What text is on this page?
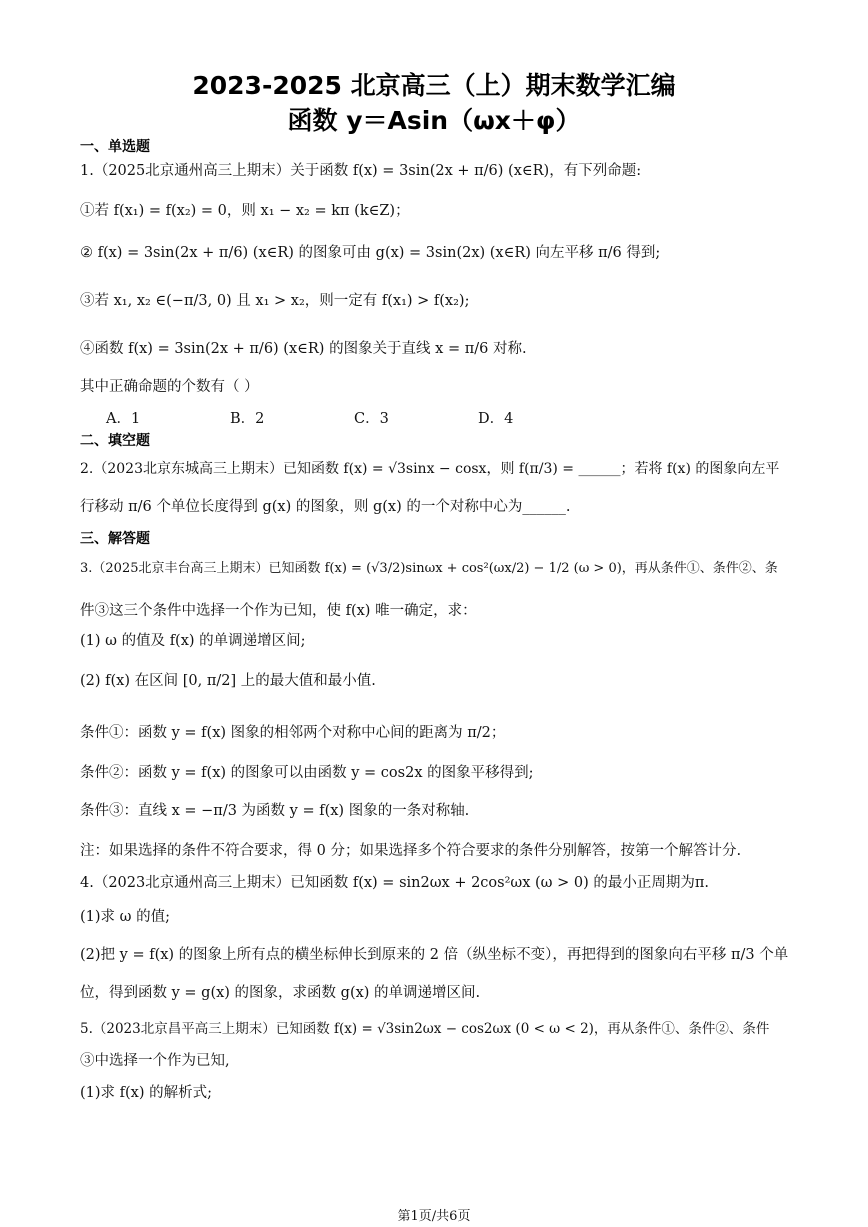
2023-2025 北京高三（上）期末数学汇编
函数 y＝Asin（ωx＋φ）
一、单选题
1.（2025北京通州高三上期末）关于函数 f(x) = 3sin(2x + π/6) (x∈R)，有下列命题:
①若 f(x₁) = f(x₂) = 0，则 x₁ − x₂ = kπ (k∈Z)；
② f(x) = 3sin(2x + π/6) (x∈R) 的图象可由 g(x) = 3sin(2x) (x∈R) 向左平移 π/6 得到;
③若 x₁, x₂ ∈(−π/3, 0) 且 x₁ > x₂，则一定有 f(x₁) > f(x₂);
④函数 f(x) = 3sin(2x + π/6) (x∈R) 的图象关于直线 x = π/6 对称.
其中正确命题的个数有（ ）
A．1	B．2	C．3	D．4
二、填空题
2.（2023北京东城高三上期末）已知函数 f(x) = √3sinx − cosx，则 f(π/3) = ______；若将 f(x) 的图象向左平
行移动 π/6 个单位长度得到 g(x) 的图象，则 g(x) 的一个对称中心为______.
三、解答题
3.（2025北京丰台高三上期末）已知函数 f(x) = (√3/2)sinωx + cos²(ωx/2) − 1/2 (ω > 0)，再从条件①、条件②、条
件③这三个条件中选择一个作为已知，使 f(x) 唯一确定，求：
(1) ω 的值及 f(x) 的单调递增区间;
(2) f(x) 在区间 [0, π/2] 上的最大值和最小值.
条件①：函数 y = f(x) 图象的相邻两个对称中心间的距离为 π/2；
条件②：函数 y = f(x) 的图象可以由函数 y = cos2x 的图象平移得到;
条件③：直线 x = −π/3 为函数 y = f(x) 图象的一条对称轴.
注：如果选择的条件不符合要求，得 0 分；如果选择多个符合要求的条件分别解答，按第一个解答计分.
4.（2023北京通州高三上期末）已知函数 f(x) = sin2ωx + 2cos²ωx (ω > 0) 的最小正周期为π.
(1)求 ω 的值;
(2)把 y = f(x) 的图象上所有点的横坐标伸长到原来的 2 倍（纵坐标不变），再把得到的图象向右平移 π/3 个单
位，得到函数 y = g(x) 的图象，求函数 g(x) 的单调递增区间.
5.（2023北京昌平高三上期末）已知函数 f(x) = √3sin2ωx − cos2ωx (0 < ω < 2)，再从条件①、条件②、条件
③中选择一个作为已知,
(1)求 f(x) 的解析式;
第1页/共6页
